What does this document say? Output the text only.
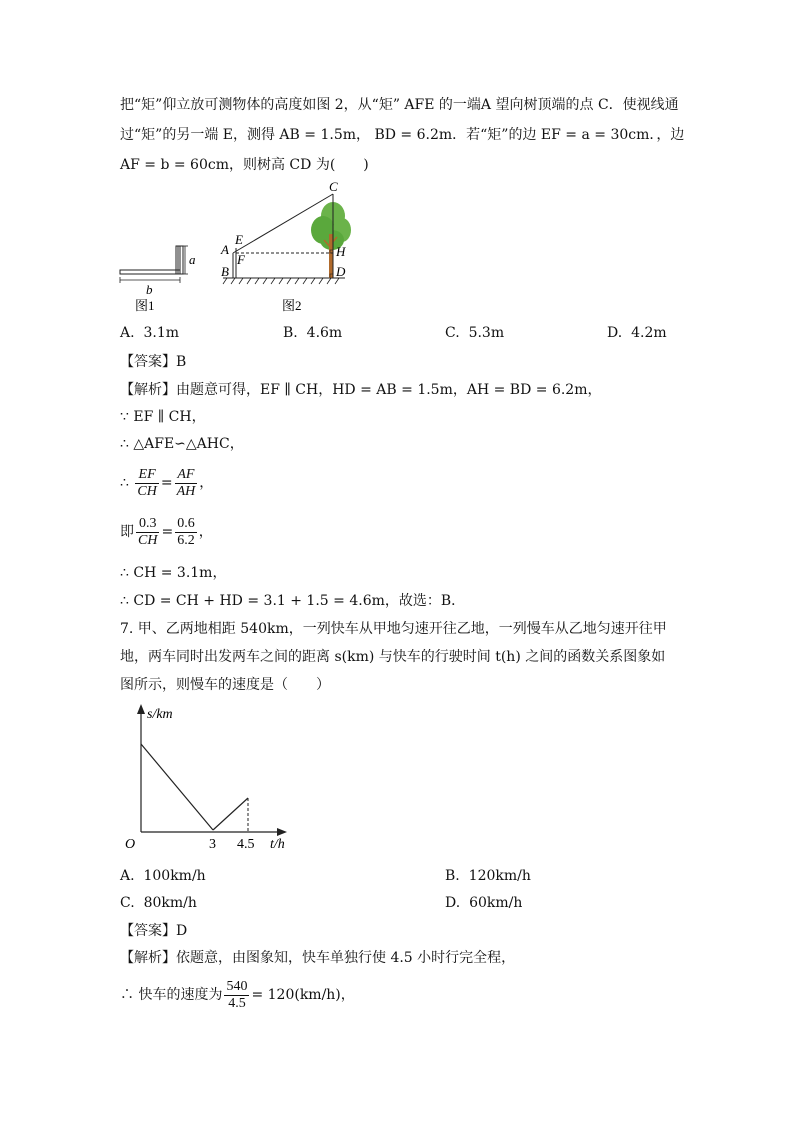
把“矩”仰立放可测物体的高度如图 2，从“矩” AFE 的一端A 望向树顶端的点 C．使视线通
过“矩”的另一端 E，测得 AB = 1.5m， BD = 6.2m．若“矩”的边 EF = a = 30cm．，边
AF = b = 60cm，则树高 CD 为(　　)
a
b
图1
C
E
A
F
H
B	D
图2
A. 3.1m	B. 4.6m	C. 5.3m	D. 4.2m
【答案】B
【解析】由题意可得，EF ∥ CH，HD = AB = 1.5m，AH = BD = 6.2m，
∵ EF ∥ CH，
∴ △AFE∽△AHC，
∴ $\frac{EF}{CH} = \frac{AF}{AH}$ ，
即 $\frac{0.3}{CH} = \frac{0.6}{6.2}$ ，
∴ CH = 3.1m，
∴ CD = CH + HD = 3.1 + 1.5 = 4.6m，故选：B．
7. 甲、乙两地相距 540km，一列快车从甲地匀速开往乙地，一列慢车从乙地匀速开往甲
地，两车同时出发两车之间的距离 s(km) 与快车的行驶时间 t(h) 之间的函数关系图象如
图所示，则慢车的速度是（　　）
s/km
t/h
O	3 4.5
A. 100km/h	B. 120km/h
C. 80km/h	D. 60km/h
【答案】D
【解析】依题意，由图象知，快车单独行使 4.5 小时行完全程，
∴ 快车的速度为 $\frac{540}{4.5} = 120(km/h)$，
